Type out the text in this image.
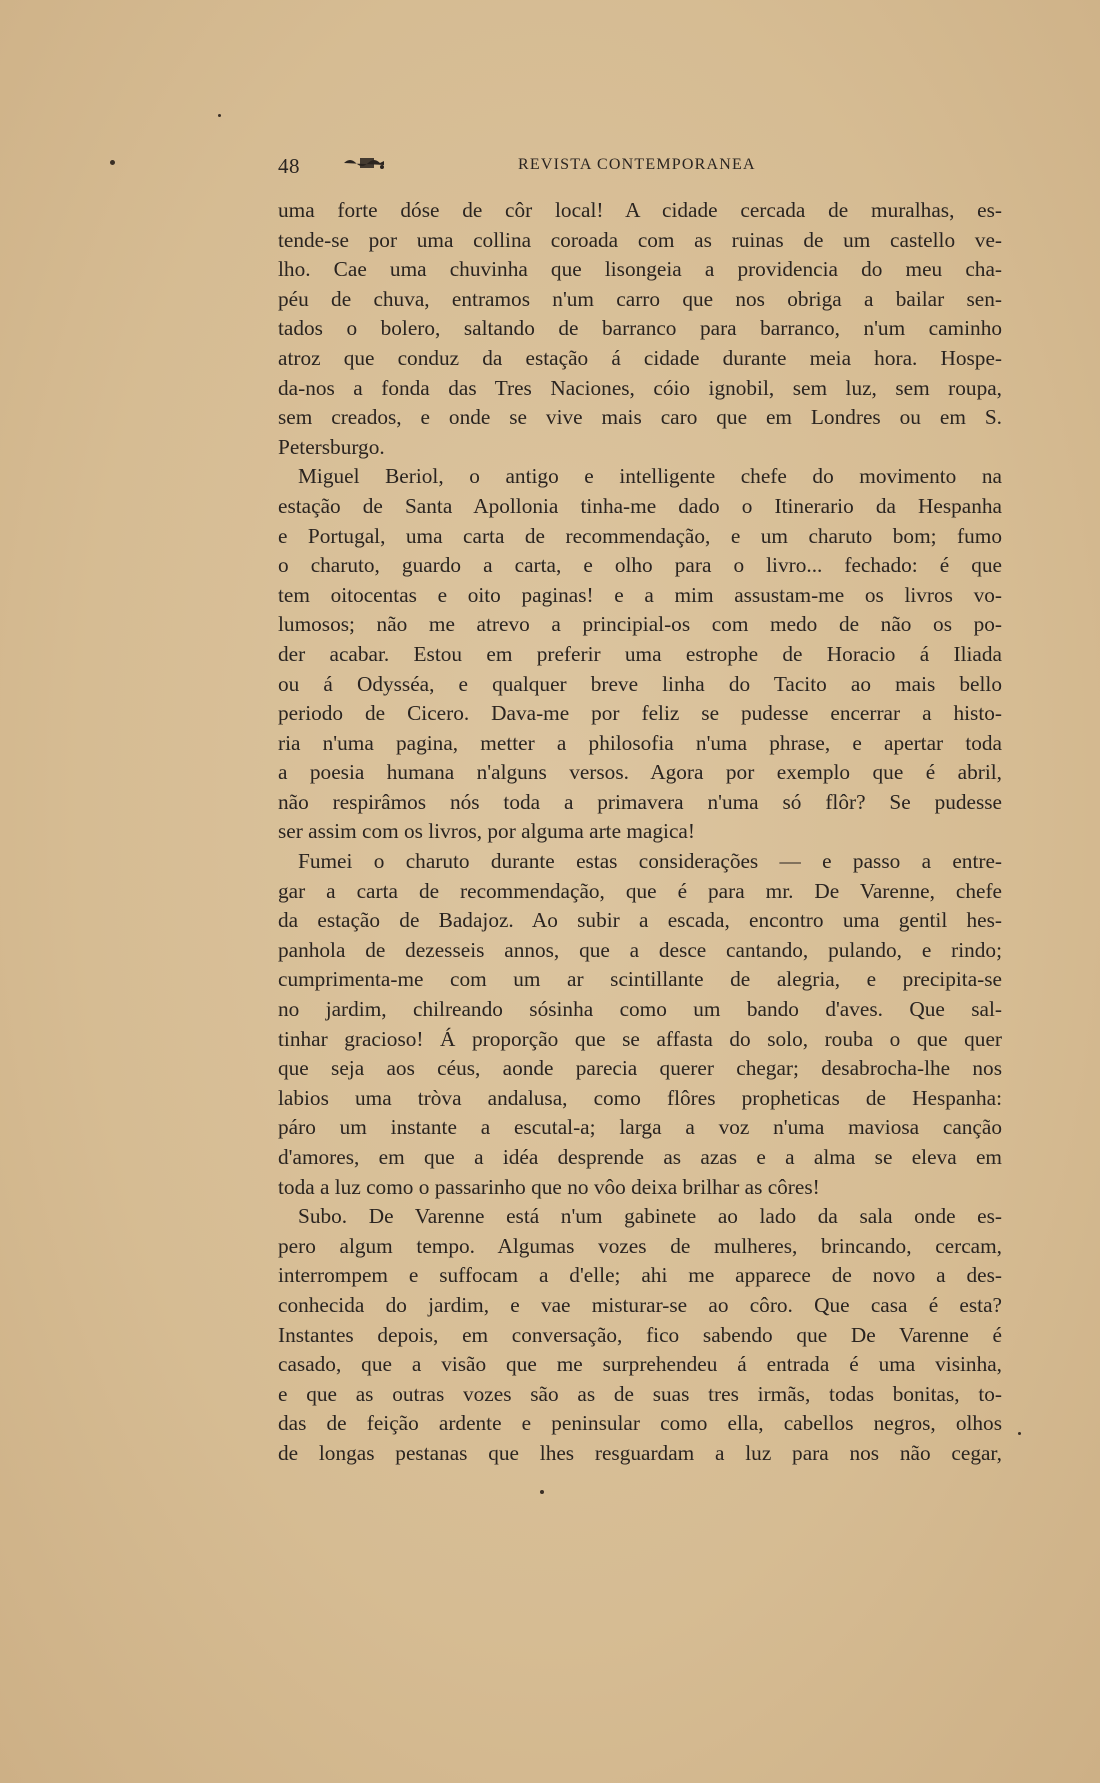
48	REVISTA CONTEMPORANEA
uma forte dóse de côr local! A cidade cercada de muralhas, es-
tende-se por uma collina coroada com as ruinas de um castello ve-
lho. Cae uma chuvinha que lisongeia a providencia do meu cha-
péu de chuva, entramos n'um carro que nos obriga a bailar sen-
tados o bolero, saltando de barranco para barranco, n'um caminho
atroz que conduz da estação á cidade durante meia hora. Hospe-
da-nos a fonda das Tres Naciones, cóio ignobil, sem luz, sem roupa,
sem creados, e onde se vive mais caro que em Londres ou em S.
Petersburgo.
Miguel Beriol, o antigo e intelligente chefe do movimento na
estação de Santa Apollonia tinha-me dado o Itinerario da Hespanha
e Portugal, uma carta de recommendação, e um charuto bom; fumo
o charuto, guardo a carta, e olho para o livro... fechado: é que
tem oitocentas e oito paginas! e a mim assustam-me os livros vo-
lumosos; não me atrevo a principial-os com medo de não os po-
der acabar. Estou em preferir uma estrophe de Horacio á Iliada
ou á Odysséa, e qualquer breve linha do Tacito ao mais bello
periodo de Cicero. Dava-me por feliz se pudesse encerrar a histo-
ria n'uma pagina, metter a philosofia n'uma phrase, e apertar toda
a poesia humana n'alguns versos. Agora por exemplo que é abril,
não respirâmos nós toda a primavera n'uma só flôr? Se pudesse
ser assim com os livros, por alguma arte magica!
Fumei o charuto durante estas considerações — e passo a entre-
gar a carta de recommendação, que é para mr. De Varenne, chefe
da estação de Badajoz. Ao subir a escada, encontro uma gentil hes-
panhola de dezesseis annos, que a desce cantando, pulando, e rindo;
cumprimenta-me com um ar scintillante de alegria, e precipita-se
no jardim, chilreando sósinha como um bando d'aves. Que sal-
tinhar gracioso! Á proporção que se affasta do solo, rouba o que quer
que seja aos céus, aonde parecia querer chegar; desabrocha-lhe nos
labios uma tròva andalusa, como flôres propheticas de Hespanha:
páro um instante a escutal-a; larga a voz n'uma maviosa canção
d'amores, em que a idéa desprende as azas e a alma se eleva em
toda a luz como o passarinho que no vôo deixa brilhar as côres!
Subo. De Varenne está n'um gabinete ao lado da sala onde es-
pero algum tempo. Algumas vozes de mulheres, brincando, cercam,
interrompem e suffocam a d'elle; ahi me apparece de novo a des-
conhecida do jardim, e vae misturar-se ao côro. Que casa é esta?
Instantes depois, em conversação, fico sabendo que De Varenne é
casado, que a visão que me surprehendeu á entrada é uma visinha,
e que as outras vozes são as de suas tres irmãs, todas bonitas, to-
das de feição ardente e peninsular como ella, cabellos negros, olhos
de longas pestanas que lhes resguardam a luz para nos não cegar,
